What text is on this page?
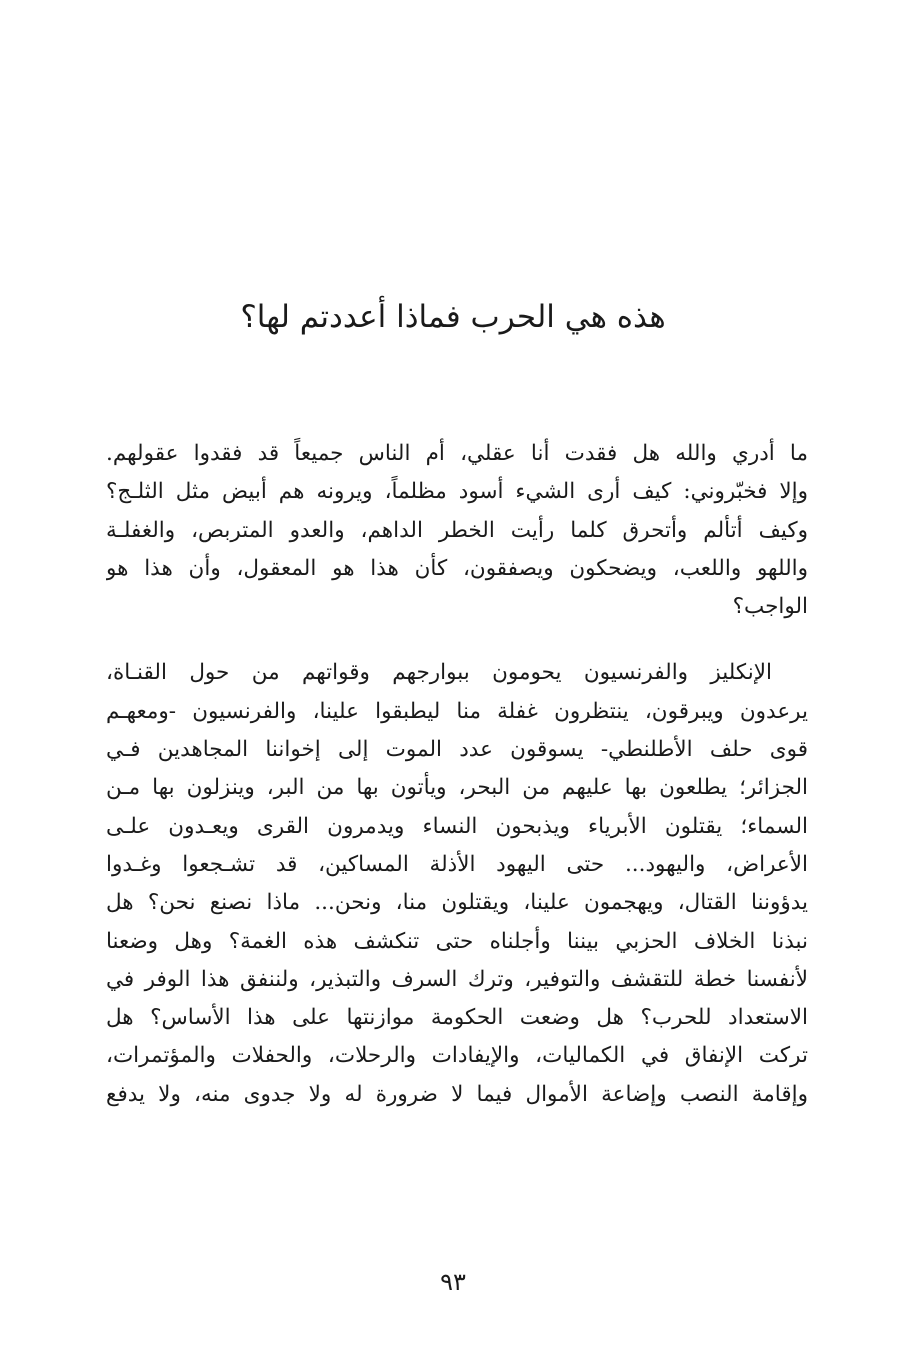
هذه هي الحرب فماذا أعددتم لها؟

ما أدري والله هل فقدت أنا عقلي، أم الناس جميعاً قد فقدوا عقولهم.
وإلا فخبّروني: كيف أرى الشيء أسود مظلماً، ويرونه هم أبيض مثل الثلـج؟
وكيف أتألم وأتحرق كلما رأيت الخطر الداهم، والعدو المتربص، والغفلـة
واللهو واللعب، ويضحكون ويصفقون، كأن هذا هو المعقول، وأن هذا هو
الواجب؟

الإنكليز والفرنسيون يحومون ببوارجهم وقواتهم من حول القنـاة،
يرعدون ويبرقون، ينتظرون غفلة منا ليطبقوا علينا، والفرنسيون -ومعهـم
قوى حلف الأطلنطي- يسوقون عدد الموت إلى إخواننا المجاهدين فـي
الجزائر؛ يطلعون بها عليهم من البحر، ويأتون بها من البر، وينزلون بها مـن
السماء؛ يقتلون الأبرياء ويذبحون النساء ويدمرون القرى ويعـدون علـى
الأعراض، واليهود... حتى اليهود الأذلة المساكين، قد تشـجعوا وغـدوا
يدؤوننا القتال، ويهجمون علينا، ويقتلون منا، ونحن... ماذا نصنع نحن؟ هل
نبذنا الخلاف الحزبي بيننا وأجلناه حتى تنكشف هذه الغمة؟ وهل وضعنا
لأنفسنا خطة للتقشف والتوفير، وترك السرف والتبذير، ولننفق هذا الوفر في
الاستعداد للحرب؟ هل وضعت الحكومة موازنتها على هذا الأساس؟ هل
تركت الإنفاق في الكماليات، والإيفادات والرحلات، والحفلات والمؤتمرات،
وإقامة النصب وإضاعة الأموال فيما لا ضرورة له ولا جدوى منه، ولا يدفع

٩٣
